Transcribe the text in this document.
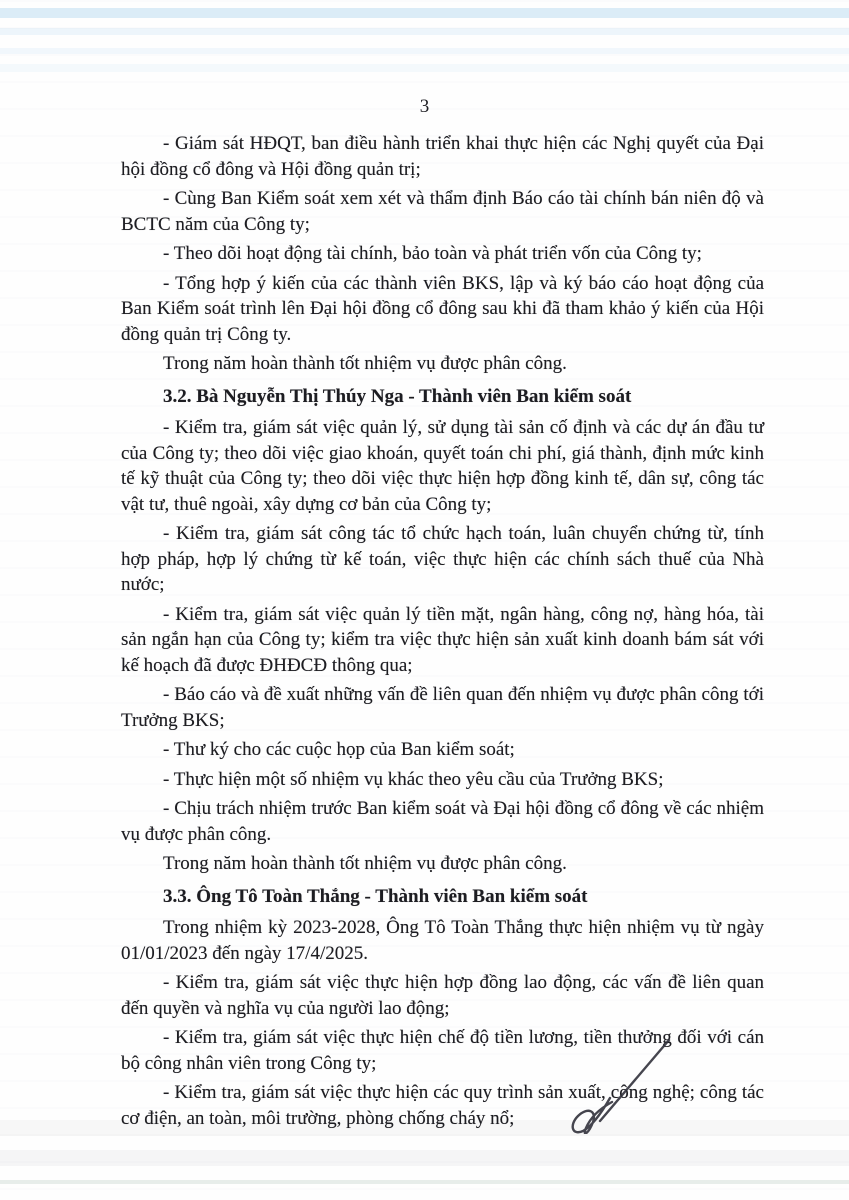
3

- Giám sát HĐQT, ban điều hành triển khai thực hiện các Nghị quyết của Đại hội đồng cổ đông và Hội đồng quản trị;

- Cùng Ban Kiểm soát xem xét và thẩm định Báo cáo tài chính bán niên độ và BCTC năm của Công ty;

- Theo dõi hoạt động tài chính, bảo toàn và phát triển vốn của Công ty;

- Tổng hợp ý kiến của các thành viên BKS, lập và ký báo cáo hoạt động của Ban Kiểm soát trình lên Đại hội đồng cổ đông sau khi đã tham khảo ý kiến của Hội đồng quản trị Công ty.

Trong năm hoàn thành tốt nhiệm vụ được phân công.

3.2. Bà Nguyễn Thị Thúy Nga - Thành viên Ban kiểm soát

- Kiểm tra, giám sát việc quản lý, sử dụng tài sản cố định và các dự án đầu tư của Công ty; theo dõi việc giao khoán, quyết toán chi phí, giá thành, định mức kinh tế kỹ thuật của Công ty; theo dõi việc thực hiện hợp đồng kinh tế, dân sự, công tác vật tư, thuê ngoài, xây dựng cơ bản của Công ty;

- Kiểm tra, giám sát công tác tổ chức hạch toán, luân chuyển chứng từ, tính hợp pháp, hợp lý chứng từ kế toán, việc thực hiện các chính sách thuế của Nhà nước;

- Kiểm tra, giám sát việc quản lý tiền mặt, ngân hàng, công nợ, hàng hóa, tài sản ngắn hạn của Công ty; kiểm tra việc thực hiện sản xuất kinh doanh bám sát với kế hoạch đã được ĐHĐCĐ thông qua;

- Báo cáo và đề xuất những vấn đề liên quan đến nhiệm vụ được phân công tới Trưởng BKS;

- Thư ký cho các cuộc họp của Ban kiểm soát;

- Thực hiện một số nhiệm vụ khác theo yêu cầu của Trưởng BKS;

- Chịu trách nhiệm trước Ban kiểm soát và Đại hội đồng cổ đông về các nhiệm vụ được phân công.

Trong năm hoàn thành tốt nhiệm vụ được phân công.

3.3. Ông Tô Toàn Thắng - Thành viên Ban kiểm soát

Trong nhiệm kỳ 2023-2028, Ông Tô Toàn Thắng thực hiện nhiệm vụ từ ngày 01/01/2023 đến ngày 17/4/2025.

- Kiểm tra, giám sát việc thực hiện hợp đồng lao động, các vấn đề liên quan đến quyền và nghĩa vụ của người lao động;

- Kiểm tra, giám sát việc thực hiện chế độ tiền lương, tiền thưởng đối với cán bộ công nhân viên trong Công ty;

- Kiểm tra, giám sát việc thực hiện các quy trình sản xuất, công nghệ; công tác cơ điện, an toàn, môi trường, phòng chống cháy nổ;
